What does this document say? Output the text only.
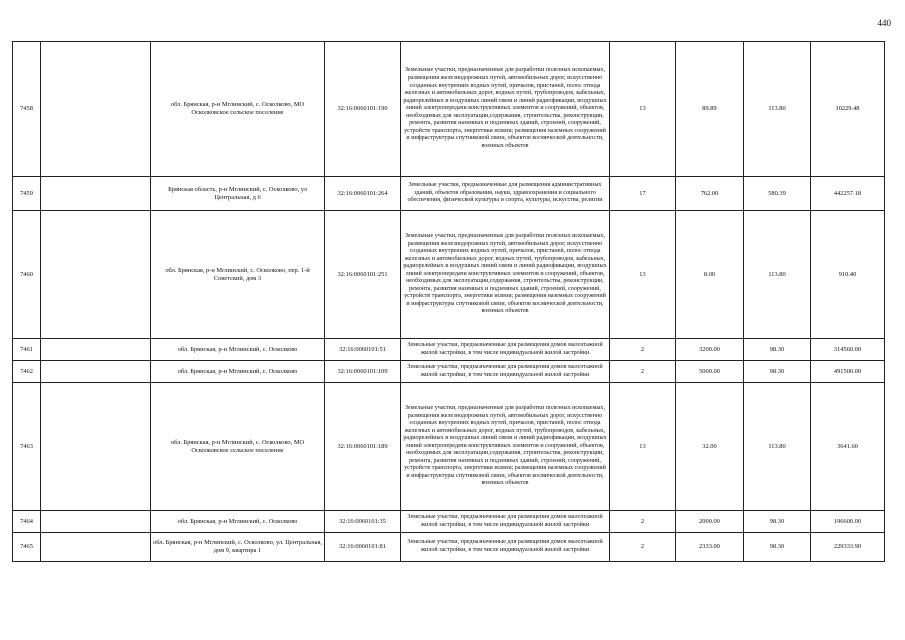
440
7458		обл. Брянская, р-н Мглинский, с. Осколково, МО Осколковское сельское поселение	32:16:0060101:190	Земельные участки, предназначенные для разработки полезных ископаемых, размещения железнодорожных путей, автомобильных дорог, искусственно созданных внутренних водных путей, причалов, пристаней, полос отвода железных и автомобильных дорог, водных путей, трубопроводов, кабельных, радиорелейных и воздушных линий связи и линий радиофикации, воздушных линий электропередачи конструктивных элементов и сооружений, объектов, необходимых для эксплуатации,содержания, строительства, реконструкции, ремонта, развития наземных и подземных зданий, строений, сооружений, устройств транспорта, энергетики исвязи; размещения наземных сооружений и инфраструктуры спутниковой связи, объектов космической деятельности, военных объектов	13	89.89	113.80	10229.48
7459		Брянская область, р-н Мглинский, с. Осколково, ул Центральная, д 6	32:16:0060101:264	Земельные участки, предназначенные для размещения административных зданий, объектов образования, науки, здравоохранения и социального обеспечения, физической культуры и спорта, культуры, искусства, религии	17	762.00	580.39	442257.18
7460		обл. Брянская, р-н Мглинский, с. Осколково, пер. 1-й Советский, дом 3	32:16:0060101:251	Земельные участки, предназначенные для разработки полезных ископаемых, размещения железнодорожных путей, автомобильных дорог, искусственно созданных внутренних водных путей, причалов, пристаней, полос отвода железных и автомобильных дорог, водных путей, трубопроводов, кабельных, радиорелейных и воздушных линий связи и линий радиофикации, воздушных линий электропередачи конструктивных элементов и сооружений, объектов, необходимых для эксплуатации,содержания, строительства, реконструкции, ремонта, развития наземных и подземных зданий, строений, сооружений, устройств транспорта, энергетики исвязи; размещения наземных сооружений и инфраструктуры спутниковой связи, объектов космической деятельности, военных объектов	13	8.00	113.80	910.40
7461		обл. Брянская, р-н Мглинский, с. Осколково	32:16:0060101:51	Земельные участки, предназначенные для размещения домов малоэтажной жилой застройки, в том числе индивидуальной жилой застройки	2	3200.00	98.30	314560.00
7462		обл. Брянская, р-н Мглинский, с. Осколково	32:16:0060101:109	Земельные участки, предназначенные для размещения домов малоэтажной жилой застройки, в том числе индивидуальной жилой застройки	2	5000.00	98.30	491500.00
7463		обл. Брянская, р-н Мглинский, с. Осколково, МО Осколковское сельское поселение	32:16:0060101:189	Земельные участки, предназначенные для разработки полезных ископаемых, размещения железнодорожных путей, автомобильных дорог, искусственно созданных внутренних водных путей, причалов, пристаней, полос отвода железных и автомобильных дорог, водных путей, трубопроводов, кабельных, радиорелейных и воздушных линий связи и линий радиофикации, воздушных линий электропередачи конструктивных элементов и сооружений, объектов, необходимых для эксплуатации,содержания, строительства, реконструкции, ремонта, развития наземных и подземных зданий, строений, сооружений, устройств транспорта, энергетики исвязи; размещения наземных сооружений и инфраструктуры спутниковой связи, объектов космической деятельности, военных объектов	13	32.00	113.80	3641.60
7464		обл. Брянская, р-н Мглинский, с. Осколково	32:16:0060101:35	Земельные участки, предназначенные для размещения домов малоэтажной жилой застройки, в том числе индивидуальной жилой застройки	2	2000.00	98.30	196600.00
7465		обл. Брянская, р-н Мглинский, с. Осколково, ул. Центральная, дом 9, квартира 1	32:16:0060101:81	Земельные участки, предназначенные для размещения домов малоэтажной жилой застройки, в том числе индивидуальной жилой застройки	2	2333.00	98.30	229333.90
